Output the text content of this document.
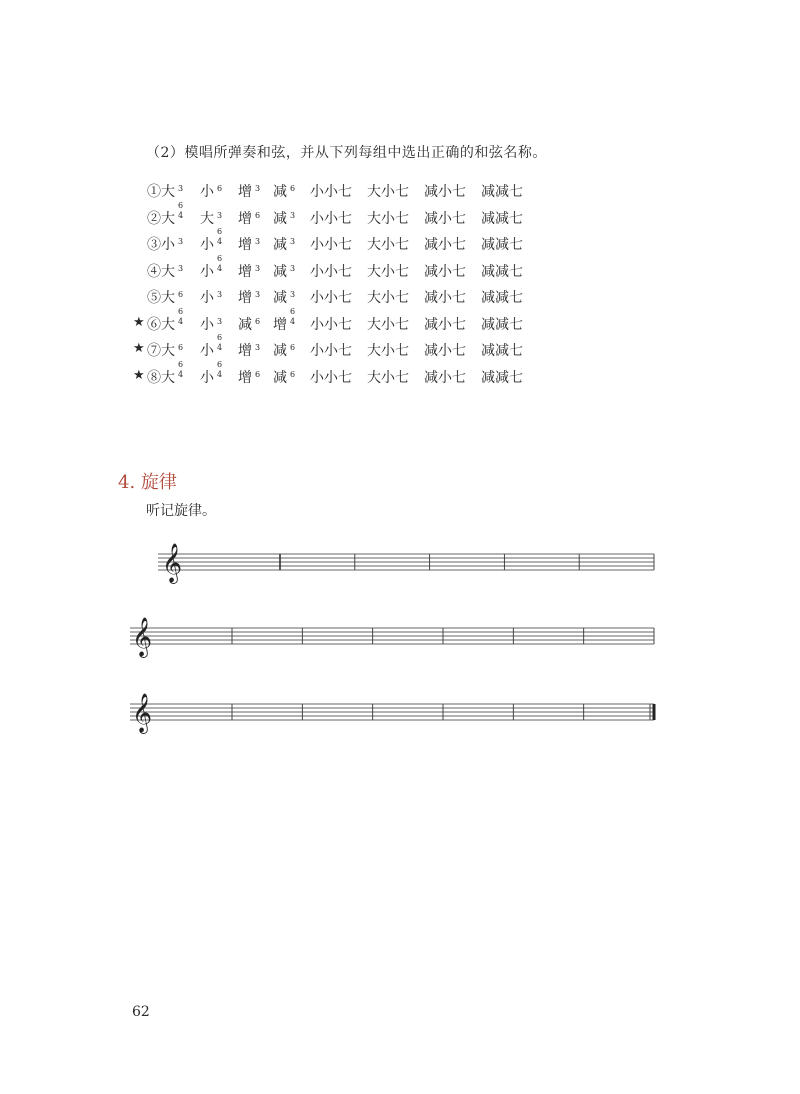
（2）模唱所弹奏和弦，并从下列每组中选出正确的和弦名称。
①大 3 小 6 增 3 减 6 小小七 大小七 减小七 减减七
②大
6
4 大 3 增 6 减 3 小小七 大小七 减小七 减减七
③小 3 小
6
4 增 3 减 3 小小七 大小七 减小七 减减七
④大 3 小
6
4 增 3 减 3 小小七 大小七 减小七 减减七
⑤大 6 小 3 增 3 减 3 小小七 大小七 减小七 减减七
★ ⑥大
6
4 小 3 减 6 增
6
4 小小七 大小七 减小七 减减七
★ ⑦大 6 小
6
4 增 3 减 6 小小七 大小七 减小七 减减七
★ ⑧大
6
4 小
6
4 增 6 减 6 小小七 大小七 减小七 减减七
4. 旋律
听记旋律。
𝄞
𝄞
𝄞
62
